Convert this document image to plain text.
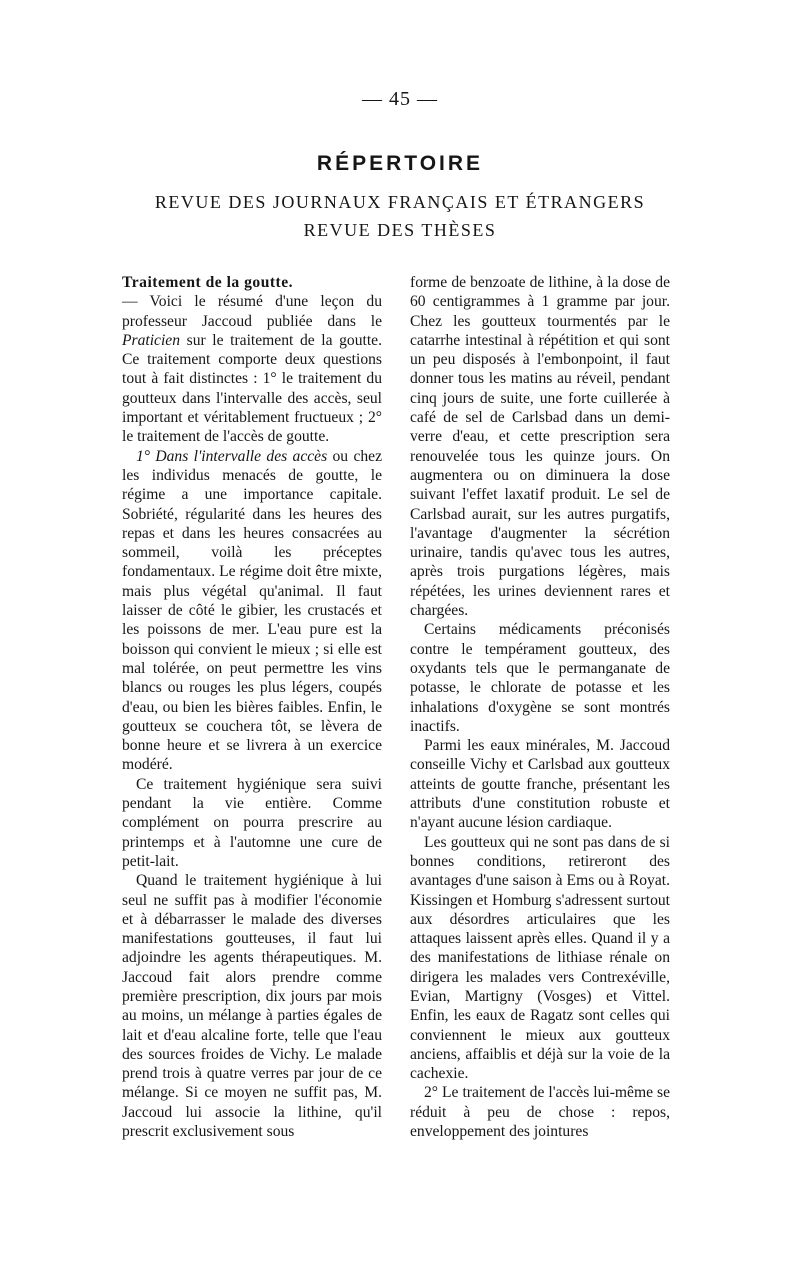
— 45 —
RÉPERTOIRE
REVUE DES JOURNAUX FRANÇAIS ET ÉTRANGERS
REVUE DES THÈSES

Traitement de la goutte.
— Voici le résumé d'une leçon du professeur Jaccoud publiée dans le Praticien sur le traitement de la goutte. Ce traitement comporte deux questions tout à fait distinctes : 1° le traitement du goutteux dans l'intervalle des accès, seul important et véritablement fructueux ; 2° le traitement de l'accès de goutte.

1° Dans l'intervalle des accès ou chez les individus menacés de goutte, le régime a une importance capitale. Sobriété, régularité dans les heures des repas et dans les heures consacrées au sommeil, voilà les préceptes fondamentaux. Le régime doit être mixte, mais plus végétal qu'animal. Il faut laisser de côté le gibier, les crustacés et les poissons de mer. L'eau pure est la boisson qui convient le mieux ; si elle est mal tolérée, on peut permettre les vins blancs ou rouges les plus légers, coupés d'eau, ou bien les bières faibles. Enfin, le goutteux se couchera tôt, se lèvera de bonne heure et se livrera à un exercice modéré.

Ce traitement hygiénique sera suivi pendant la vie entière. Comme complément on pourra prescrire au printemps et à l'automne une cure de petit-lait.

Quand le traitement hygiénique à lui seul ne suffit pas à modifier l'économie et à débarrasser le malade des diverses manifestations goutteuses, il faut lui adjoindre les agents thérapeutiques. M. Jaccoud fait alors prendre comme première prescription, dix jours par mois au moins, un mélange à parties égales de lait et d'eau alcaline forte, telle que l'eau des sources froides de Vichy. Le malade prend trois à quatre verres par jour de ce mélange. Si ce moyen ne suffit pas, M. Jaccoud lui associe la lithine, qu'il prescrit exclusivement sous

forme de benzoate de lithine, à la dose de 60 centigrammes à 1 gramme par jour. Chez les goutteux tourmentés par le catarrhe intestinal à répétition et qui sont un peu disposés à l'embonpoint, il faut donner tous les matins au réveil, pendant cinq jours de suite, une forte cuillerée à café de sel de Carlsbad dans un demi-verre d'eau, et cette prescription sera renouvelée tous les quinze jours. On augmentera ou on diminuera la dose suivant l'effet laxatif produit. Le sel de Carlsbad aurait, sur les autres purgatifs, l'avantage d'augmenter la sécrétion urinaire, tandis qu'avec tous les autres, après trois purgations légères, mais répétées, les urines deviennent rares et chargées.

Certains médicaments préconisés contre le tempérament goutteux, des oxydants tels que le permanganate de potasse, le chlorate de potasse et les inhalations d'oxygène se sont montrés inactifs.

Parmi les eaux minérales, M. Jaccoud conseille Vichy et Carlsbad aux goutteux atteints de goutte franche, présentant les attributs d'une constitution robuste et n'ayant aucune lésion cardiaque.

Les goutteux qui ne sont pas dans de si bonnes conditions, retireront des avantages d'une saison à Ems ou à Royat. Kissingen et Homburg s'adressent surtout aux désordres articulaires que les attaques laissent après elles. Quand il y a des manifestations de lithiase rénale on dirigera les malades vers Contrexéville, Evian, Martigny (Vosges) et Vittel. Enfin, les eaux de Ragatz sont celles qui conviennent le mieux aux goutteux anciens, affaiblis et déjà sur la voie de la cachexie.

2° Le traitement de l'accès lui-même se réduit à peu de chose : repos, enveloppement des jointures
